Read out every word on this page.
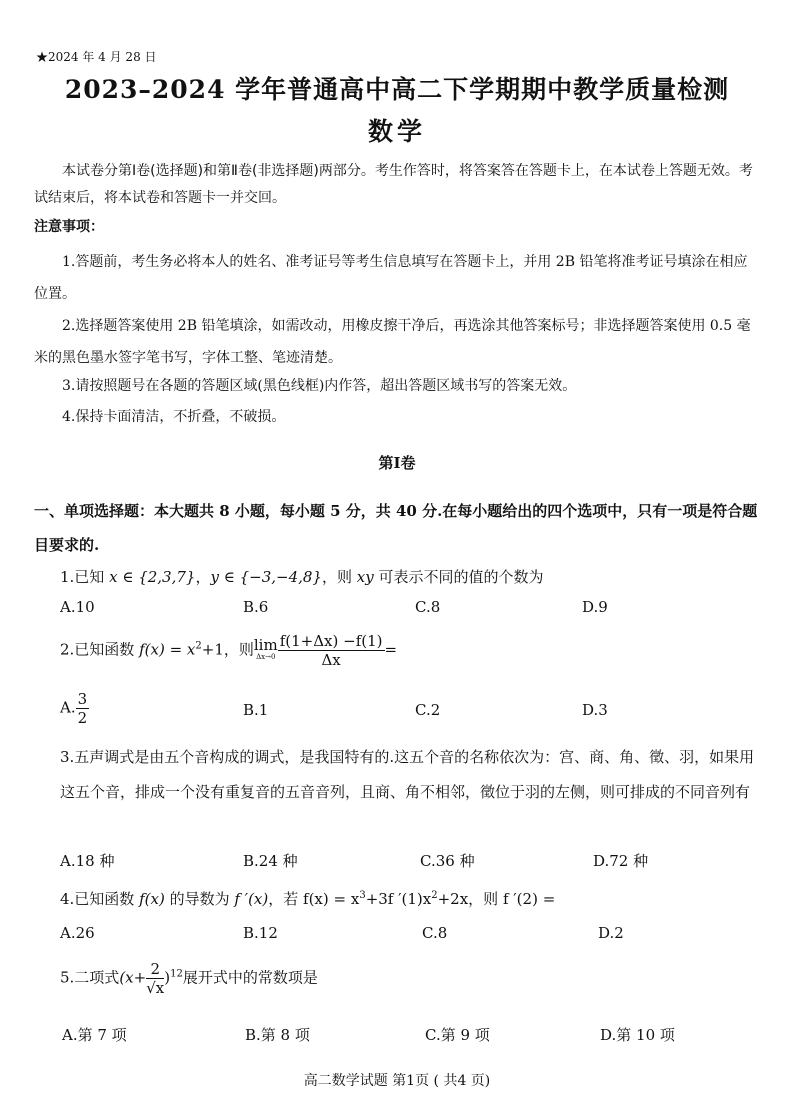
★2024 年 4 月 28 日
2023–2024 学年普通高中高二下学期期中教学质量检测
数学
本试卷分第Ⅰ卷(选择题)和第Ⅱ卷(非选择题)两部分。考生作答时，将答案答在答题卡上，在本试卷上答题无效。考试结束后，将本试卷和答题卡一并交回。
注意事项：
1.答题前，考生务必将本人的姓名、准考证号等考生信息填写在答题卡上，并用 2B 铅笔将准考证号填涂在相应位置。
2.选择题答案使用 2B 铅笔填涂，如需改动，用橡皮擦干净后，再选涂其他答案标号；非选择题答案使用 0.5 毫米的黑色墨水签字笔书写，字体工整、笔迹清楚。
3.请按照题号在各题的答题区域(黑色线框)内作答，超出答题区域书写的答案无效。
4.保持卡面清洁，不折叠，不破损。
第Ⅰ卷
一、单项选择题：本大题共 8 小题，每小题 5 分，共 40 分.在每小题给出的四个选项中，只有一项是符合题目要求的.
1.已知 x ∈ {2,3,7}，y ∈ {−3,−4,8}，则 xy 可表示不同的值的个数为
A.10	B.6	C.8	D.9
2.已知函数 $f(x) = x^2+1$，则lim
$\Delta x\to 0 \frac{f(1+\Delta x) -f(1)}{\Delta x}$ =
A. $\frac{3}{2}$	B.1	C.2	D.3
3.五声调式是由五个音构成的调式，是我国特有的.这五个音的名称依次为：宫、商、角、徵、羽，如果用这五个音，排成一个没有重复音的五音音列，且商、角不相邻，徵位于羽的左侧，则可排成的不同音列有
A.18 种	B.24 种	C.36 种	D.72 种
4.已知函数 f(x) 的导数为 f ′(x)，若 $f(x) = x^3+3f$ $'(1)x^2+2x$，则 f ′(2) =
A.26	B.12	C.8	D.2
5.二项式$(x+ \frac{2}{√x} )^{12}$展开式中的常数项是
A.第 7 项	B.第 8 项	C.第 9 项	D.第 10 项
高二数学试题 第1页 ( 共4 页)
